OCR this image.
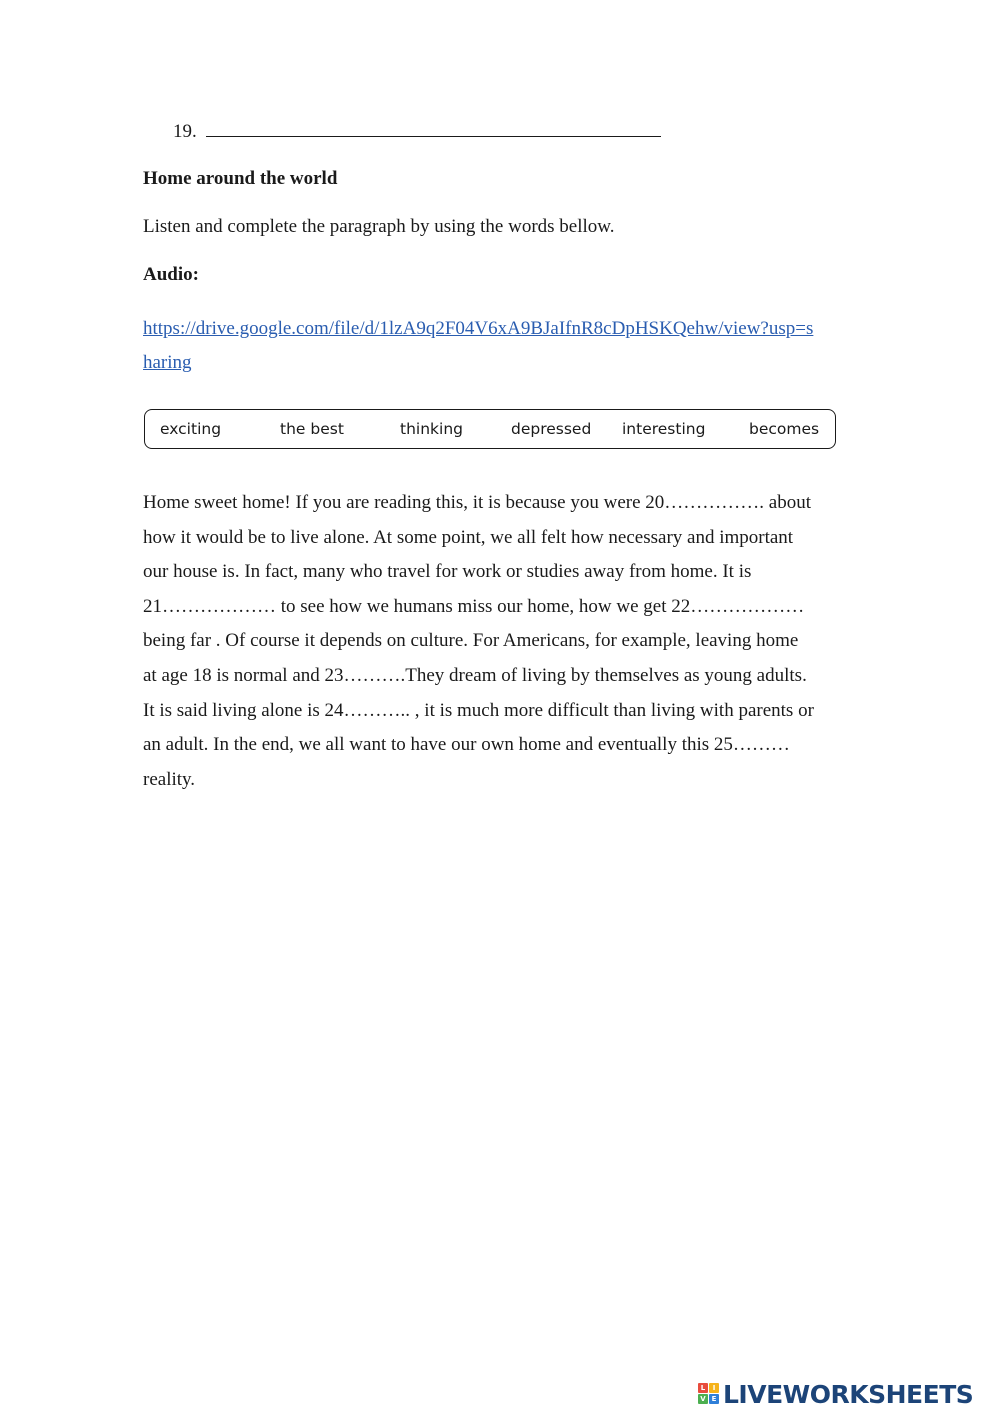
19.
Home around the world
Listen and complete the paragraph by using the words bellow.
Audio:
https://drive.google.com/file/d/1lzA9q2F04V6xA9BJaIfnR8cDpHSKQehw/view?usp=s
haring
exciting	the best	thinking	depressed interesting	becomes
Home sweet home! If you are reading this, it is because you were 20……………. about
how it would be to live alone. At some point, we all felt how necessary and important
our house is. In fact, many who travel for work or studies away from home. It is
21……………… to see how we humans miss our home, how we get 22………………
being far . Of course it depends on culture. For Americans, for example, leaving home
at age 18 is normal and 23……….They dream of living by themselves as young adults.
It is said living alone is 24……….. , it is much more difficult than living with parents or
an adult. In the end, we all want to have our own home and eventually this 25………
reality.
L	I
V E LIVEWORKSHEETS
